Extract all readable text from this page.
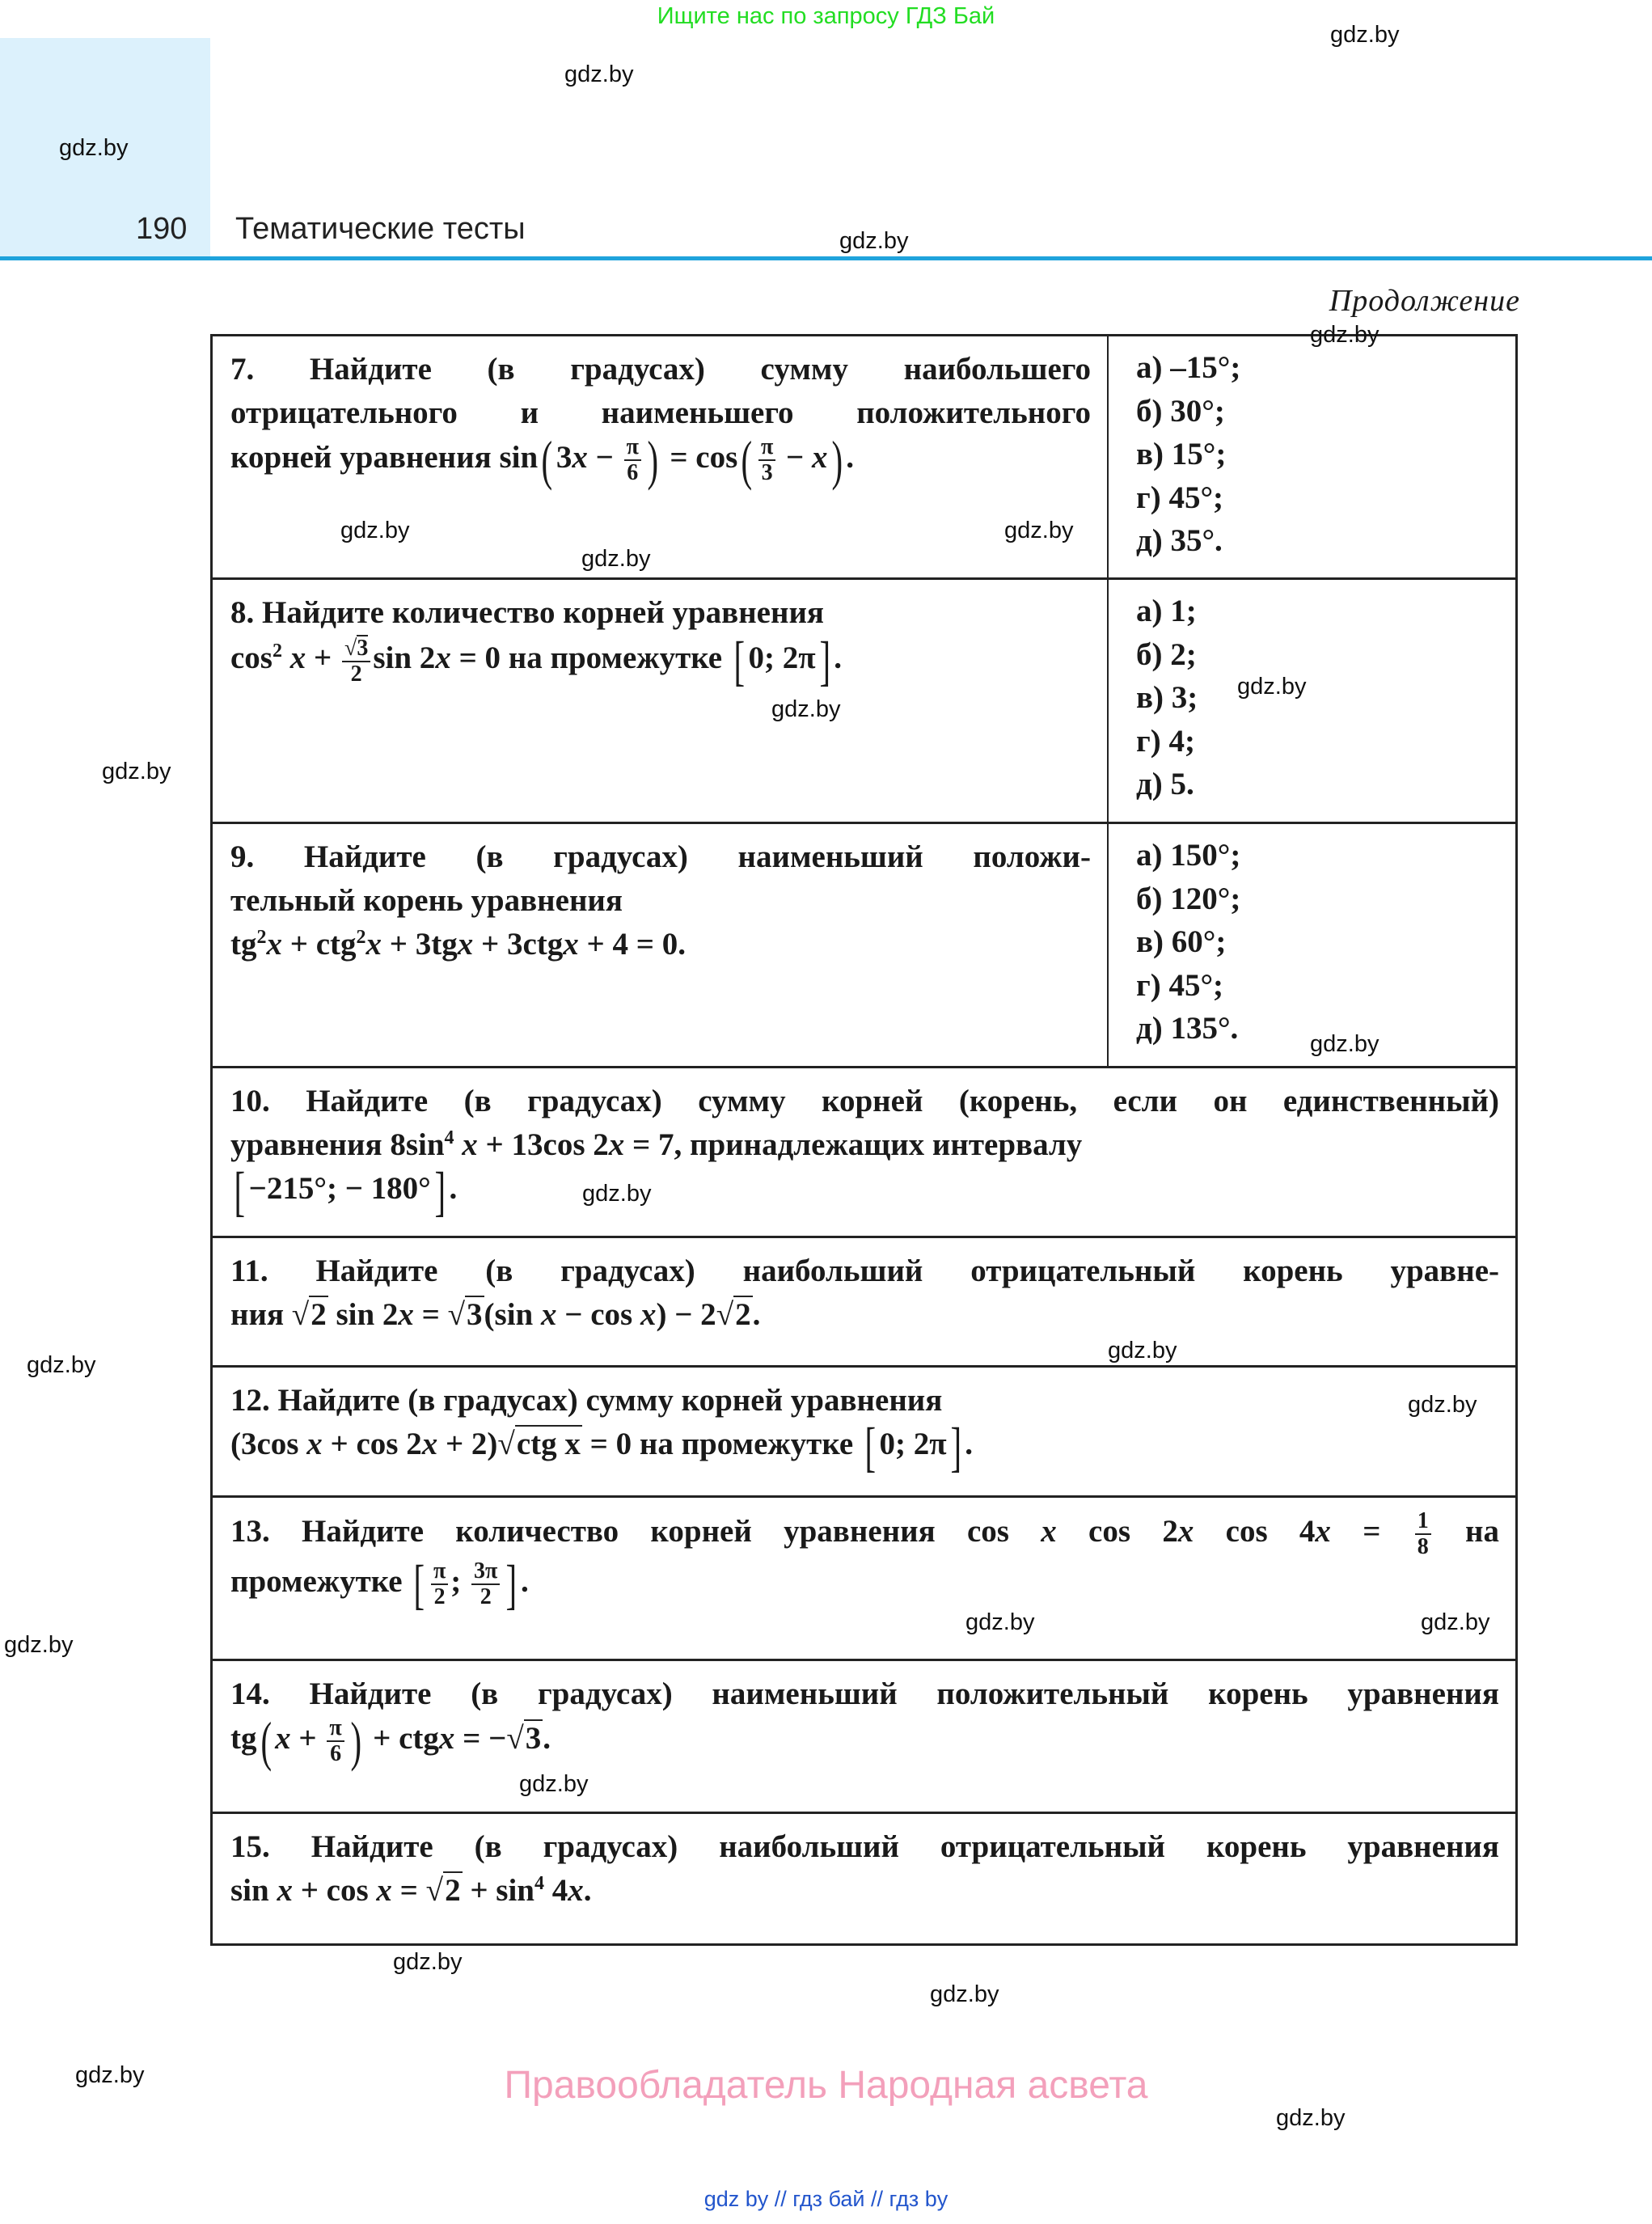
Ищите нас по запросу ГДЗ Бай
190 Тематические тесты
Продолжение
7. Найдите (в градусах) сумму наибольшего
отрицательного и наименьшего положительного
корней уравнения sin( $3x - \frac{\pi}{6}$ ) = $\cos( \frac{\pi}{3} - x)$ .
а) –15°;
б) 30°;
в) 15°;
г) 45°;
д) 35°.
8. Найдите количество корней уравнения
$\cos^2 x + \frac{√3}{2}$ sin 2x = 0 на промежутке [ 0; 2π] .
а) 1;
б) 2;
в) 3;
г) 4;
д) 5.
9. Найдите (в градусах) наименьший положи-
тельный корень уравнения
$tg^2x + ctg^2x + 3tgx$ + 3ctgx + 4 = 0.
а) 150°;
б) 120°;
в) 60°;
г) 45°;
д) 135°.
10. Найдите (в градусах) сумму корней (корень, если он единственный)
уравнения $8\sin^4$ x + 13cos 2x = 7, принадлежащих интервалу
[ −215°; − 180°] .
11. Найдите (в градусах) наибольший отрицательный корень уравне-
ния √2 sin 2x = √3(sin x − cos x) − 2√2.
12. Найдите (в градусах) сумму корней уравнения
(3cos x + cos 2x + 2)√ctg x = 0 на промежутке [ 0; 2π] .
13. Найдите количество корней уравнения cos x cos 2x $\cos 4x = \frac{1}{8}$ на
промежутке [ $\frac{\pi}{2}$ ; $\frac{3\pi}{2}$ ] .
14. Найдите (в градусах) наименьший положительный корень уравнения
tg( $x + \frac{\pi}{6}$ ) + ctgx = −√3.
15. Найдите (в градусах) наибольший отрицательный корень уравнения
$\sin x + \cos x = √2 + \sin^4 4x$.
gdz.by
gdz.by
gdz.by
gdz.by
gdz.by
gdz.by
gdz.by
gdz.by
gdz.by
gdz.by
gdz.by
gdz.by
gdz.by
gdz.by
gdz.by
gdz.by
gdz.by	gdz.by
gdz.by
gdz.by
gdz.by
gdz.by
gdz.by
gdz.by
Правообладатель Народная асвета
gdz by // гдз бай // гдз by
